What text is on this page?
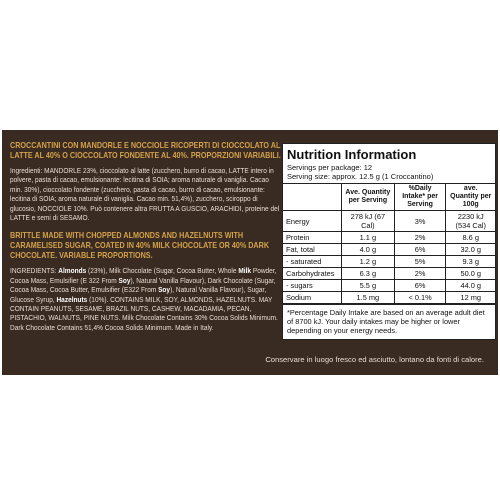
CROCCANTINI CON MANDORLE E NOCCIOLE RICOPERTI DI CIOCCOLATO AL LATTE AL 40% O CIOCCOLATO FONDENTE AL 40%. PROPORZIONI VARIABILI.
Ingredienti: MANDORLE 23%, cioccolato al latte (zucchero, burro di cacao, LATTE intero in polvere, pasta di cacao, emulsionante: lecitina di SOIA; aroma naturale di vaniglia. Cacao min. 30%), cioccolato fondente (zucchero, pasta di cacao, burro di cacao, emulsionante: lecitina di SOIA; aroma naturale di vaniglia. Cacao min. 51,4%), zucchero, sciroppo di glucosio, NOCCIOLE 10%. Può contenere altra FRUTTA A GUSCIO, ARACHIDI, proteine del LATTE e semi di SESAMO.
BRITTLE MADE WITH CHOPPED ALMONDS AND HAZELNUTS WITH CARAMELISED SUGAR, COATED IN 40% MILK CHOCOLATE OR 40% DARK CHOCOLATE. VARIABLE PROPORTIONS.
INGREDIENTS: Almonds (23%), Milk Chocolate (Sugar, Cocoa Butter, Whole Milk Powder, Cocoa Mass, Emulsifier (E 322 From Soy), Natural Vanilla Flavour), Dark Chocolate (Sugar, Cocoa Mass, Cocoa Butter, Emulsifier (E322 From Soy), Natural Vanilla Flavour), Sugar, Glucose Syrup, Hazelnuts (10%). CONTAINS MILK, SOY, ALMONDS, HAZELNUTS. MAY CONTAIN PEANUTS, SESAME, BRAZIL NUTS, CASHEW, MACADAMIA, PECAN, PISTACHIO, WALNUTS, PINE NUTS. Milk Chocolate Contains 30% Cocoa Solids Minimum. Dark Chocolate Contains 51,4% Cocoa Solids Minimum. Made in Italy.
Nutrition Information
Servings per package: 12
Serving size: approx. 12.5 g (1 Croccantino)
	Ave. Quantity per Serving	%Daily Intake* per Serving	ave. Quantity per 100g
Energy	278 kJ (67 Cal)	3%	2230 kJ (534 Cal)
Protein	1.1 g	2%	8.6 g
Fat, total	4.0 g	6%	32.0 g
- saturated	1.2 g	5%	9.3 g
Carbohydrates	6.3 g	2%	50.0 g
- sugars	5.5 g	6%	44.0 g
Sodium	1.5 mg	< 0.1%	12 mg
*Percentage Daily Intake are based on an average adult diet of 8700 kJ. Your daily intakes may be higher or lower depending on your energy needs.
Conservare in luogo fresco ed asciutto, lontano da fonti di calore.
